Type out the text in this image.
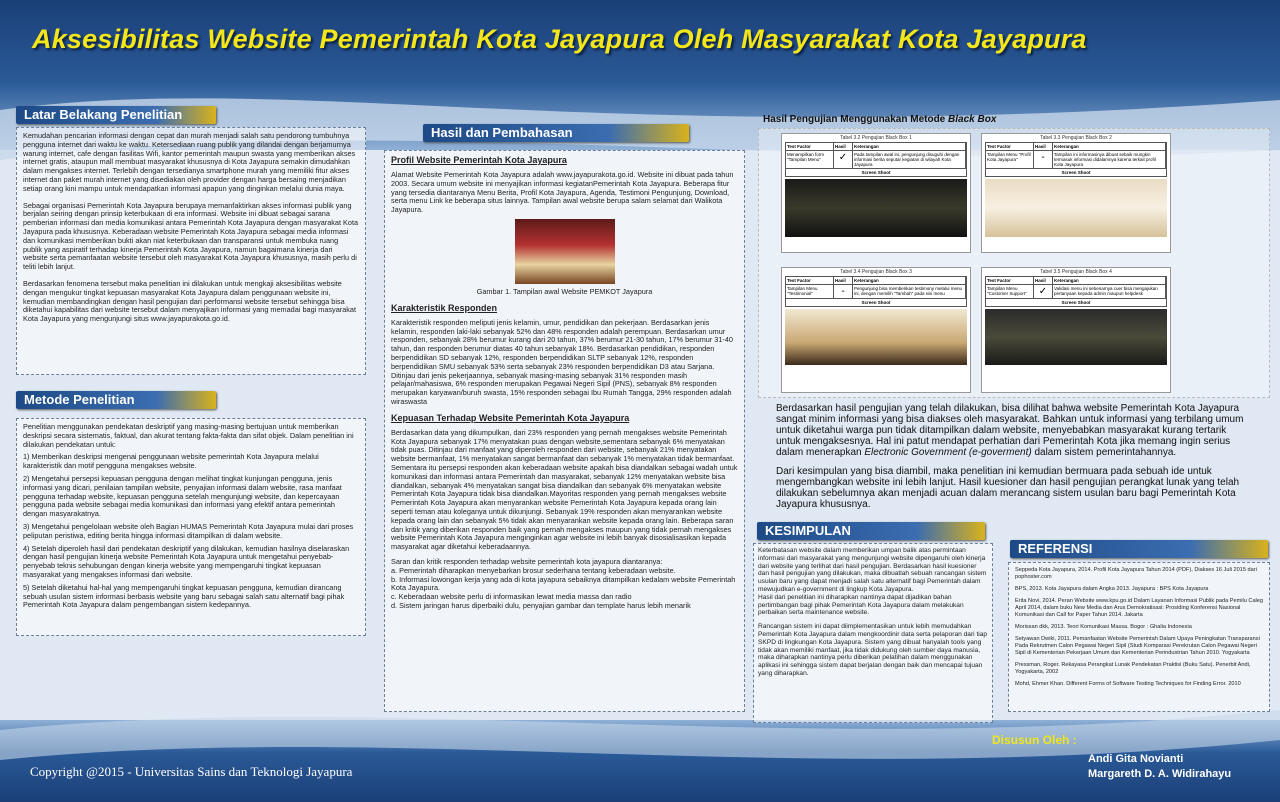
Aksesibilitas Website Pemerintah Kota Jayapura Oleh Masyarakat Kota Jayapura
Latar Belakang Penelitian
Kemudahan pencarian informasi dengan cepat dan murah menjadi salah satu pendorong tumbuhnya pengguna internet dari waktu ke waktu. Ketersediaan ruang publik yang dilandai dengan berjamurnya warung internet, cafe dengan fasilitas Wifi, kantor pemerintah maupun swasta yang memberikan akses internet gratis, ataupun mall membuat masyarakat khususnya di Kota Jayapura semakin dimudahkan dalam mengakses internet. Terlebih dengan tersedianya smartphone murah yang memiliki fitur akses internet dan paket murah internet yang disediakan oleh provider dengan harga bersaing menjadikan setiap orang kini mampu untuk mendapatkan informasi apapun yang dinginkan melalui dunia maya.
Sebagai organisasi Pemerintah Kota Jayapura berupaya memanfaktirkan akses informasi publik yang berjalan seiring dengan prinsip keterbukaan di era informasi. Website ini dibuat sebagai sarana pemberian informasi dan media komunikasi antara Pemerintah Kota Jayapura dengan masyarakat Kota Jayapura pada khususnya. Keberadaan website Pemerintah Kota Jayapura sebagai media informasi dan komunikasi memberikan bukti akan niat keterbukaan dan transparansi untuk membuka ruang publik yang aspiratif terhadap kinerja Pemerintah Kota Jayapura, namun bagaimana kinerja dari website serta pemanfaatan website tersebut oleh masyarakat Kota Jayapura khususnya, masih perlu di teliti lebih lanjut.
Berdasarkan fenomena tersebut maka penelitian ini dilakukan untuk mengkaji aksesibilitas website dengan mengukur tingkat kepuasan masyarakat Kota Jayapura dalam penggunaan website ini, kemudian membandingkan dengan hasil pengujian dari performansi website tersebut sehingga bisa diketahui kapabilitas dari website tersebut dalam menyajikan informasi yang memadai bagi masyarakat Kota Jayapura yang mengunjungi situs www.jayapurakota.go.id.
Metode Penelitian
Penelitian menggunakan pendekatan deskriptif yang masing-masing bertujuan untuk memberikan deskripsi secara sistematis, faktual, dan akurat tentang fakta-fakta dan sifat objek. Dalam penelitian ini dilakukan pendekatan untuk:
1) Memberikan deskripsi mengenai penggunaan website pemerintah Kota Jayapura melalui karakteristik dan motif pengguna mengakses website.
2) Mengetahui persepsi kepuasan pengguna dengan melihat tingkat kunjungan pengguna, jenis informasi yang dicari, penilaian tampilan website, penyajian informasi dalam website, rasa manfaat pengguna terhadap website, kepuasan pengguna setelah mengunjungi website, dan kepercayaan pengguna pada website sebagai media komunikasi dan informasi yang efektif antara pemerintah dengan masyarakatnya.
3) Mengetahui pengelolaan website oleh Bagian HUMAS Pemerintah Kota Jayapura mulai dari proses peliputan peristiwa, editing berita hingga informasi ditampilkan di dalam website.
4) Setelah diperoleh hasil dari pendekatan deskriptif yang dilakukan, kemudian hasilnya diselaraskan dengan hasil pengujian kinerja website Pemerintah Kota Jayapura untuk mengetahui penyebab-penyebab teknis sehubungan dengan kinerja website yang mempengaruhi tingkat kepuasan masyarakat yang mengakses informasi dari website.
5) Setelah diketahui hal-hal yang mempengaruhi tingkat kepuasan pengguna, kemudian dirancang sebuah usulan sistem informasi berbasis website yang baru sebagai salah satu alternatif bagi pihak Pemerintah Kota Jayapura dalam pengembangan sistem kedepannya.
Hasil dan Pembahasan
Profil Website Pemerintah Kota Jayapura
Alamat Website Pemerintah Kota Jayapura adalah www.jayapurakota.go.id. Website ini dibuat pada tahun 2003. Secara umum website ini menyajikan informasi kegiatanPemerintah Kota Jayapura. Beberapa fitur yang tersedia diantaranya Menu Berita, Profil Kota Jayapura, Agenda, Testimoni Pengunjung, Download, serta menu Link ke beberapa situs lainnya. Tampilan awal website berupa salam selamat dari Walikota Jayapura.
Gambar 1. Tampilan awal Website PEMKOT Jayapura
Karakteristik Responden
Karakteristik responden meliputi jenis kelamin, umur, pendidikan dan pekerjaan. Berdasarkan jenis kelamin, responden laki-laki sebanyak 52% dan 48% responden adalah perempuan. Berdasarkan umur responden, sebanyak 28% berumur kurang dari 20 tahun, 37% berumur 21-30 tahun, 17% berumur 31-40 tahun, dan responden berumur diatas 40 tahun sebanyak 18%. Berdasarkan pendidikan, responden berpendidikan SD sebanyak 12%, responden berpendidikan SLTP sebanyak 12%, responden berpendidikan SMU sebanyak 53% serta sebanyak 23% responden berpendidikan D3 atau Sarjana. Ditinjau dari jenis pekerjaannya, sebanyak masing-masing sebanyak 31% responden masih pelajar/mahasiswa, 6% responden merupakan Pegawai Negeri Sipil (PNS), sebanyak 8% responden merupakan karyawan/buruh swasta, 15% responden sebagai Ibu Rumah Tangga, 29% responden adalah wiraswasta
Kepuasan Terhadap Website Pemerintah Kota Jayapura
Berdasarkan data yang dikumpulkan, dari 23% responden yang pernah mengakses website Pemerintah Kota Jayapura sebanyak 17% menyatakan puas dengan website,sementara sebanyak 6% menyatakan tidak puas. Ditinjau dari manfaat yang diperoleh responden dari website, sebanyak 21% menyatakan website bermanfaat, 1% menyatakan sangat bermanfaat dan sebanyak 1% menyatakan tidak bermanfaat. Sementara itu persepsi responden akan keberadaan website apakah bisa diandalkan sebagai wadah untuk komunikasi dan informasi antara Pemerintah dan masyarakat, sebanyak 12% menyatakan website bisa diandalkan, sebanyak 4% menyatakan sangat bisa diandalkan dan sebanyak 6% menyatakan website Pemerintah Kota Jayapura tidak bisa diandalkan.Mayoritas responden yang pernah mengakses website Pemerintah Kota Jayapura akan menyarankan website Pemerintah Kota Jayapura kepada orang lain seperti teman atau koleganya untuk dikunjungi. Sebanyak 19% responden akan menyarankan website kepada orang lain dan sebanyak 5% tidak akan menyarankan website kepada orang lain. Beberapa saran dan kritik yang diberikan responden baik yang pernah mengakses maupun yang tidak pernah mengakses website Pemerintah Kota Jayapura menginginkan agar website ini lebih banyak disosialisasikan kepada masyarakat agar diketahui keberadaannya.
Saran dan kritik responden terhadap website pemerintah kota jayapura diantaranya:
a. Pemerintah diharapkan menyebarkan brosur sederhana tentang keberadaan website.
b. Informasi lowongan kerja yang ada di kota jayapura sebaiknya ditampilkan kedalam website Pemerintah Kota Jayapura.
c. Keberadaan website perlu di informasikan lewat media massa dan radio
d. Sistem jaringan harus diperbaiki dulu, penyajian gambar dan template harus lebih menarik
Hasil Pengujian Menggunakan Metode Black Box
Tabel 3.2 Pengujian Black Box 1
Test Factor	Hasil	Keterangan
Menampilkan form "Tampilan Menu"	✓	Pada tampilan awal ini, pengunjung disuguhi dengan informasi berita seputar kegiatan di wilayah Kota Jayapura
Screen Shoot
Tabel 3.3 Pengujian Black Box 2
Test Factor	Hasil	Keterangan
Tampilan Menu "Profil Kota Jayapura"	-	Tampilan ini informasinya dibuat sebaik mungkin termasuk informasi didalamnya karena terkait profil Kota Jayapura
Screen Shoot
Tabel 3.4 Pengujian Black Box 3
Test Factor	Hasil	Keterangan
Tampilan Menu "Testimonial"	-	Pengunjung bisa memberikan testimony melalui menu ini, dengan memilih "Tambah" pada sisi menu
Screen Shoot
Tabel 3.5 Pengujian Black Box 4
Test Factor	Hasil	Keterangan
Tampilan Menu "Customer Support"	✓	Validasi menu ini sebenarnya cuer bisa mengajukan pertanyaan kepada admin maupun helpdesk
Screen Shoot
Berdasarkan hasil pengujian yang telah dilakukan, bisa dilihat bahwa website Pemerintah Kota Jayapura sangat minim informasi yang bisa diakses oleh masyarakat. Bahkan untuk informasi yang terbilang umum untuk diketahui warga pun tidak ditampilkan dalam website, menyebabkan masyarakat kurang tertarik untuk mengaksesnya. Hal ini patut mendapat perhatian dari Pemerintah Kota jika memang ingin serius dalam menerapkan Electronic Government (e-goverment) dalam sistem pemerintahannya.
Dari kesimpulan yang bisa diambil, maka penelitian ini kemudian bermuara pada sebuah ide untuk mengembangkan website ini lebih lanjut. Hasil kuesioner dan hasil pengujian perangkat lunak yang telah dilakukan sebelumnya akan menjadi acuan dalam merancang sistem usulan baru bagi Pemerintah Kota Jayapura khususnya.
KESIMPULAN
Keterbatasan website dalam memberikan umpan balik atas permintaan informasi dari masyarakat yang mengunjungi website dipengaruhi oleh kinerja dari website yang terlihat dari hasil pengujian. Berdasarkan hasil kuesioner dan hasil pengujian yang dilakukan, maka dibuatlah sebuah rancangan sistem usulan baru yang dapat menjadi salah satu alternatif bagi Pemerintah dalam mewujudkan e-government di lingkup Kota Jayapura.
Hasil dari penelitian ini diharapkan nantinya dapat dijadikan bahan pertimbangan bagi pihak Pemerintah Kota Jayapura dalam melakukan perbaikan serta maintenance website.
Rancangan sistem ini dapat diimplementasikan untuk lebih memudahkan Pemerintah Kota Jayapura dalam mengkoordinir data serta pelaporan dari tiap SKPD di lingkungan Kota Jayapura. Sistem yang dibuat hanyalah tools yang tidak akan memiliki manfaat, jika tidak didukung oleh sumber daya manusia, maka diharapkan nantinya perlu diberikan pelatihan dalam menggunakan aplikasi ini sehingga sistem dapat berjalan dengan baik dan mencapai tujuan yang diharapkan.
REFERENSI
Seppeda Kota Jayapura, 2014. Profil Kota Jayapura Tahun 2014 (PDF), Diakses 16 Juli 2015 dari pophoster.com
BPS, 2013. Kota Jayapura dalam Angka 2013. Jayapura : BPS Kota Jayapura
Erita Novi, 2014. Peran Website www.kpu.go.id Dalam Layanan Informasi Publik pada Pemilu Caleg April 2014, dalam buku New Media dan Arus Demokratisasi: Prosiding Konferensi Nasional Komunikasi dan Call for Paper Tahun 2014. Jakarta
Morissan dkk, 2013. Teori Komunikasi Massa. Bogor : Ghalia Indonesia
Setyawan Dwiki, 2011. Pemanfaatan Website Pemerintah Dalam Upaya Peningkatan Transparansi Pada Rekrutmen Calon Pegawai Negeri Sipil (Studi Komparasi Perekrutan Calon Pegawai Negeri Sipil di Kementerian Pekerjaan Umum dan Kementerian Perindustrian Tahun 2010. Yogyakarta
Pressman, Roger. Rekayasa Perangkat Lunak Pendekatan Praktisi (Buku Satu). Penerbit Andi, Yogyakarta, 2002
Mohd, Ehmer Khan. Different Forms of Software Testing Techniques for Finding Error. 2010
Copyright @2015 - Universitas Sains dan Teknologi Jayapura
Disusun Oleh :
Andi Gita Novianti
Margareth D. A. Widirahayu
